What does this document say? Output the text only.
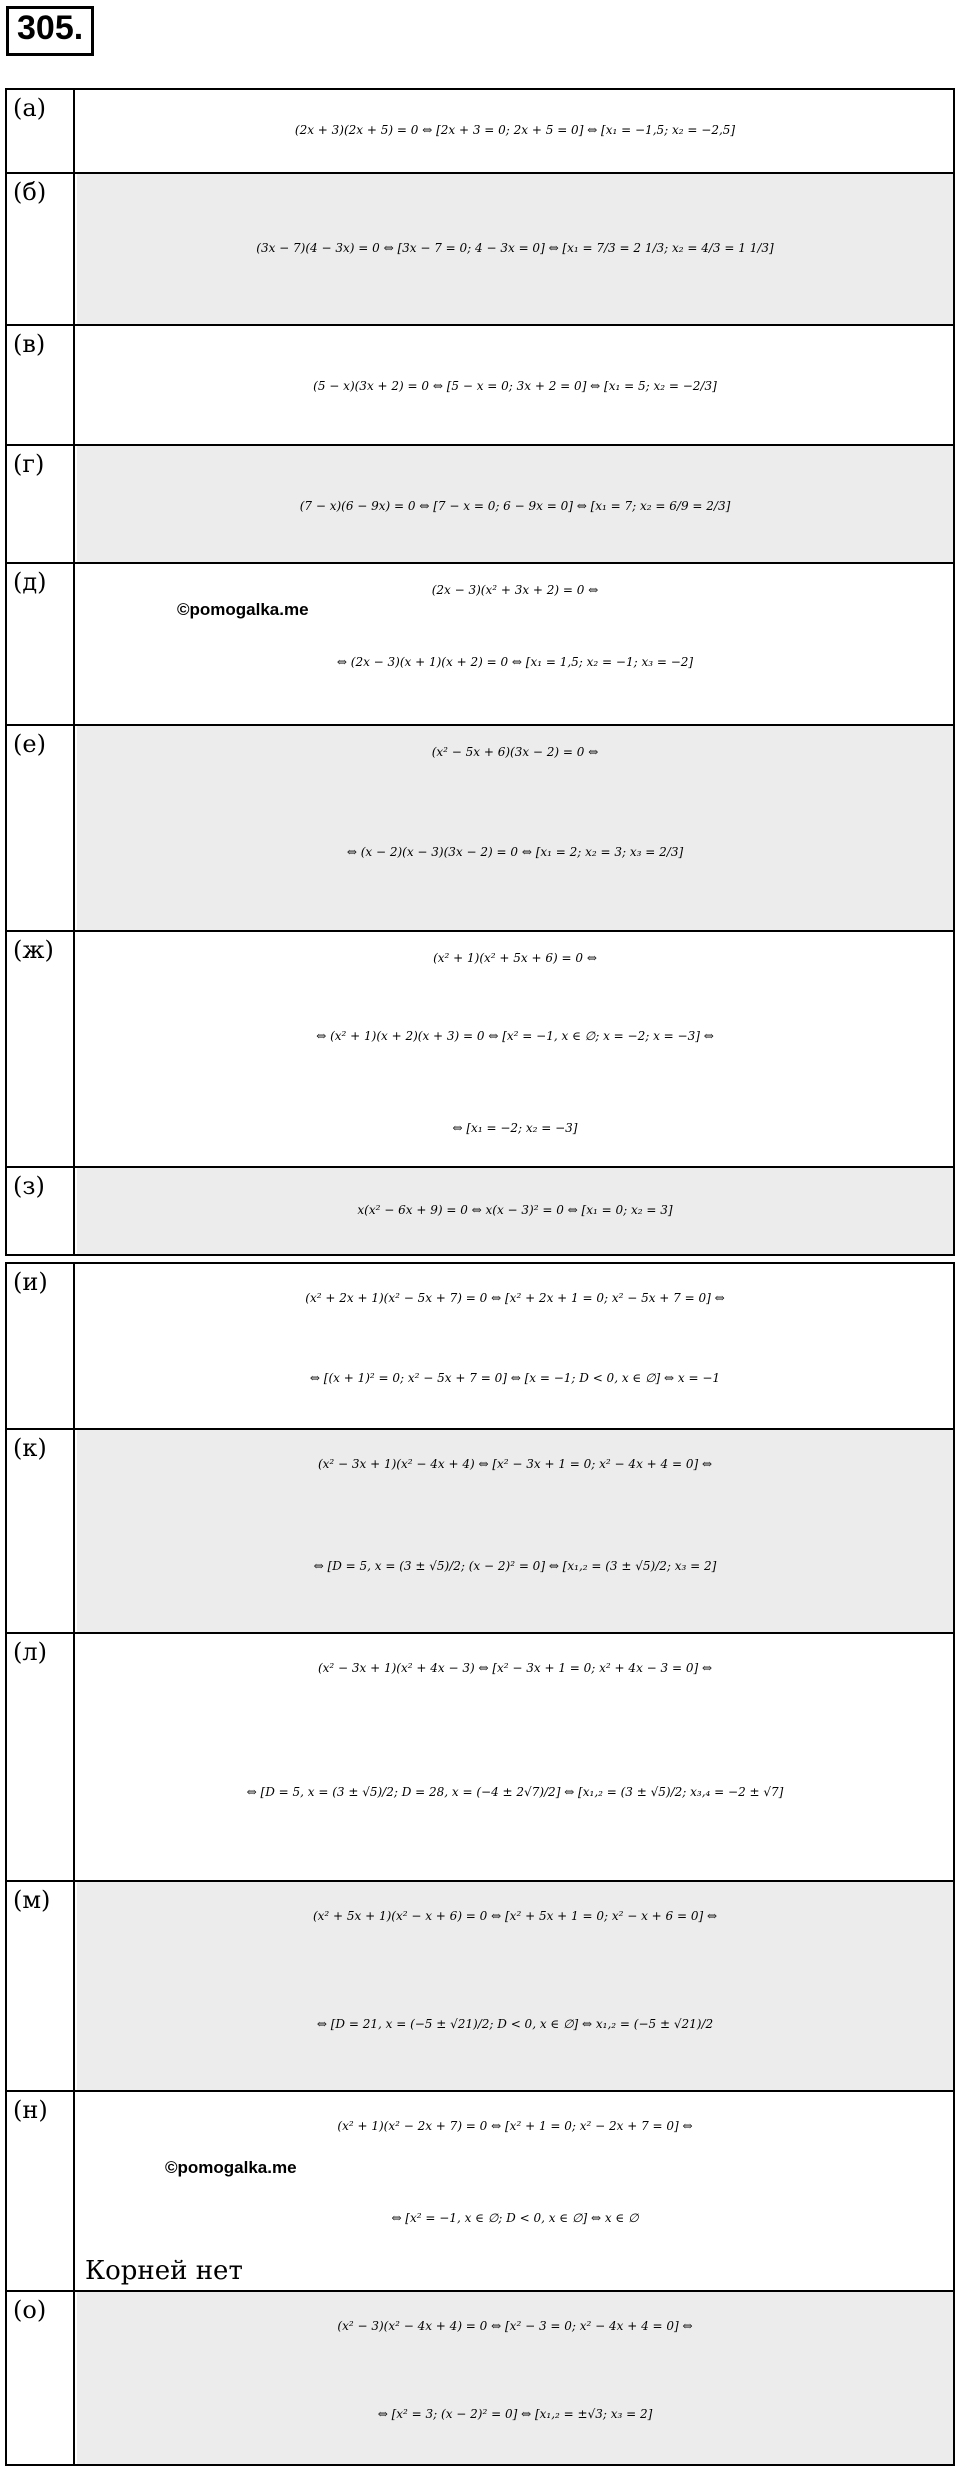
305.
(а)
(2x + 3)(2x + 5) = 0 ⇔ [2x + 3 = 0; 2x + 5 = 0] ⇔ [x₁ = −1,5; x₂ = −2,5]
(б)
(3x − 7)(4 − 3x) = 0 ⇔ [3x − 7 = 0; 4 − 3x = 0] ⇔ [x₁ = 7/3 = 2 1/3; x₂ = 4/3 = 1 1/3]
(в)
(5 − x)(3x + 2) = 0 ⇔ [5 − x = 0; 3x + 2 = 0] ⇔ [x₁ = 5; x₂ = −2/3]
(г)
(7 − x)(6 − 9x) = 0 ⇔ [7 − x = 0; 6 − 9x = 0] ⇔ [x₁ = 7; x₂ = 6/9 = 2/3]
(д)	(2x − 3)(x² + 3x + 2) = 0 ⇔
⇔ (2x − 3)(x + 1)(x + 2) = 0 ⇔ [x₁ = 1,5; x₂ = −1; x₃ = −2]
©pomogalka.me
(е)	(x² − 5x + 6)(3x − 2) = 0 ⇔
⇔ (x − 2)(x − 3)(3x − 2) = 0 ⇔ [x₁ = 2; x₂ = 3; x₃ = 2/3]
(ж)	(x² + 1)(x² + 5x + 6) = 0 ⇔
⇔ (x² + 1)(x + 2)(x + 3) = 0 ⇔ [x² = −1, x ∈ ∅; x = −2; x = −3] ⇔
⇔ [x₁ = −2; x₂ = −3]
(з)
x(x² − 6x + 9) = 0 ⇔ x(x − 3)² = 0 ⇔ [x₁ = 0; x₂ = 3]
(и)
(x² + 2x + 1)(x² − 5x + 7) = 0 ⇔ [x² + 2x + 1 = 0; x² − 5x + 7 = 0] ⇔
⇔ [(x + 1)² = 0; x² − 5x + 7 = 0] ⇔ [x = −1; D < 0, x ∈ ∅] ⇔ x = −1
(к)
(x² − 3x + 1)(x² − 4x + 4) ⇔ [x² − 3x + 1 = 0; x² − 4x + 4 = 0] ⇔
⇔ [D = 5, x = (3 ± √5)/2; (x − 2)² = 0] ⇔ [x₁,₂ = (3 ± √5)/2; x₃ = 2]
(л)
(x² − 3x + 1)(x² + 4x − 3) ⇔ [x² − 3x + 1 = 0; x² + 4x − 3 = 0] ⇔
⇔ [D = 5, x = (3 ± √5)/2; D = 28, x = (−4 ± 2√7)/2] ⇔ [x₁,₂ = (3 ± √5)/2; x₃,₄ = −2 ± √7]
(м)
(x² + 5x + 1)(x² − x + 6) = 0 ⇔ [x² + 5x + 1 = 0; x² − x + 6 = 0] ⇔
⇔ [D = 21, x = (−5 ± √21)/2; D < 0, x ∈ ∅] ⇔ x₁,₂ = (−5 ± √21)/2
(н)
(x² + 1)(x² − 2x + 7) = 0 ⇔ [x² + 1 = 0; x² − 2x + 7 = 0] ⇔
⇔ [x² = −1, x ∈ ∅; D < 0, x ∈ ∅] ⇔ x ∈ ∅
©pomogalka.me
Корней нет
(о)
(x² − 3)(x² − 4x + 4) = 0 ⇔ [x² − 3 = 0; x² − 4x + 4 = 0] ⇔
⇔ [x² = 3; (x − 2)² = 0] ⇔ [x₁,₂ = ±√3; x₃ = 2]
